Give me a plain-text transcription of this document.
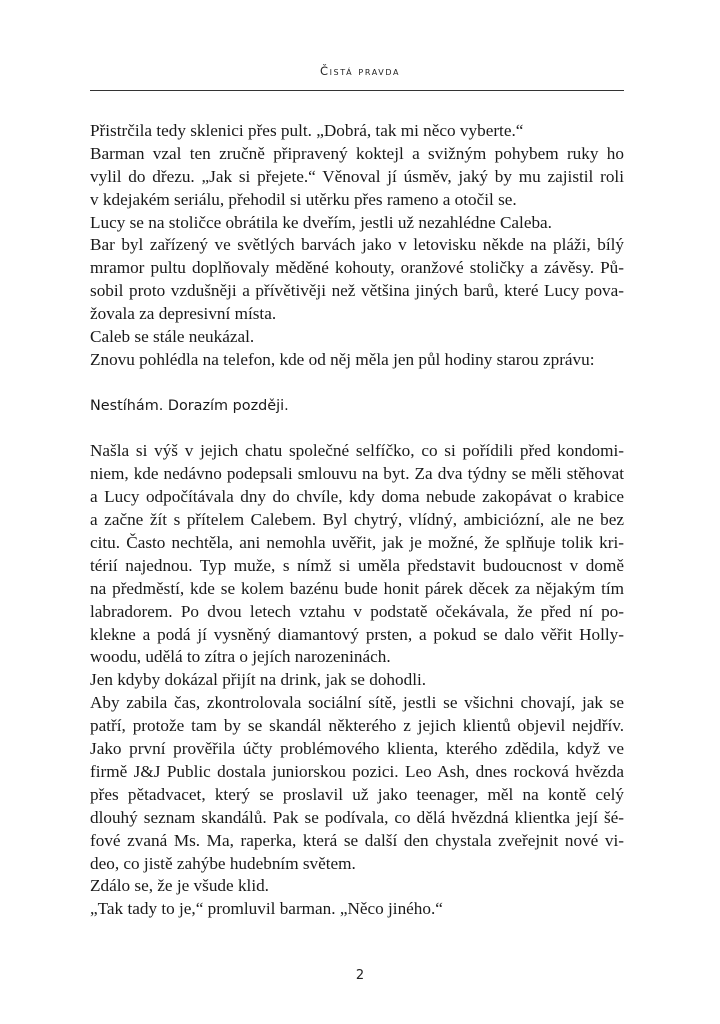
Čistá pravda
Přistrčila tedy sklenici přes pult. „Dobrá, tak mi něco vyberte.“
Barman vzal ten zručně připravený koktejl a svižným pohybem ruky ho
vylil do dřezu. „Jak si přejete.“ Věnoval jí úsměv, jaký by mu zajistil roli
v kdejakém seriálu, přehodil si utěrku přes rameno a otočil se.
Lucy se na stoličce obrátila ke dveřím, jestli už nezahlédne Caleba.
Bar byl zařízený ve světlých barvách jako v letovisku někde na pláži, bílý
mramor pultu doplňovaly měděné kohouty, oranžové stoličky a závěsy. Pů-
sobil proto vzdušněji a přívětivěji než většina jiných barů, které Lucy pova-
žovala za depresivní místa.
Caleb se stále neukázal.
Znovu pohlédla na telefon, kde od něj měla jen půl hodiny starou zprávu:
Nestíhám. Dorazím později.
Našla si výš v jejich chatu společné selfíčko, co si pořídili před kondomi-
niem, kde nedávno podepsali smlouvu na byt. Za dva týdny se měli stěhovat
a Lucy odpočítávala dny do chvíle, kdy doma nebude zakopávat o krabice
a začne žít s přítelem Calebem. Byl chytrý, vlídný, ambiciózní, ale ne bez
citu. Často nechtěla, ani nemohla uvěřit, jak je možné, že splňuje tolik kri-
térií najednou. Typ muže, s nímž si uměla představit budoucnost v domě
na předměstí, kde se kolem bazénu bude honit párek děcek za nějakým tím
labradorem. Po dvou letech vztahu v podstatě očekávala, že před ní po-
klekne a podá jí vysněný diamantový prsten, a pokud se dalo věřit Holly-
woodu, udělá to zítra o jejích narozeninách.
Jen kdyby dokázal přijít na drink, jak se dohodli.
Aby zabila čas, zkontrolovala sociální sítě, jestli se všichni chovají, jak se
patří, protože tam by se skandál některého z jejich klientů objevil nejdřív.
Jako první prověřila účty problémového klienta, kterého zdědila, když ve
firmě J&J Public dostala juniorskou pozici. Leo Ash, dnes rocková hvězda
přes pětadvacet, který se proslavil už jako teenager, měl na kontě celý
dlouhý seznam skandálů. Pak se podívala, co dělá hvězdná klientka její šé-
fové zvaná Ms. Ma, raperka, která se další den chystala zveřejnit nové vi-
deo, co jistě zahýbe hudebním světem.
Zdálo se, že je všude klid.
„Tak tady to je,“ promluvil barman. „Něco jiného.“
2
